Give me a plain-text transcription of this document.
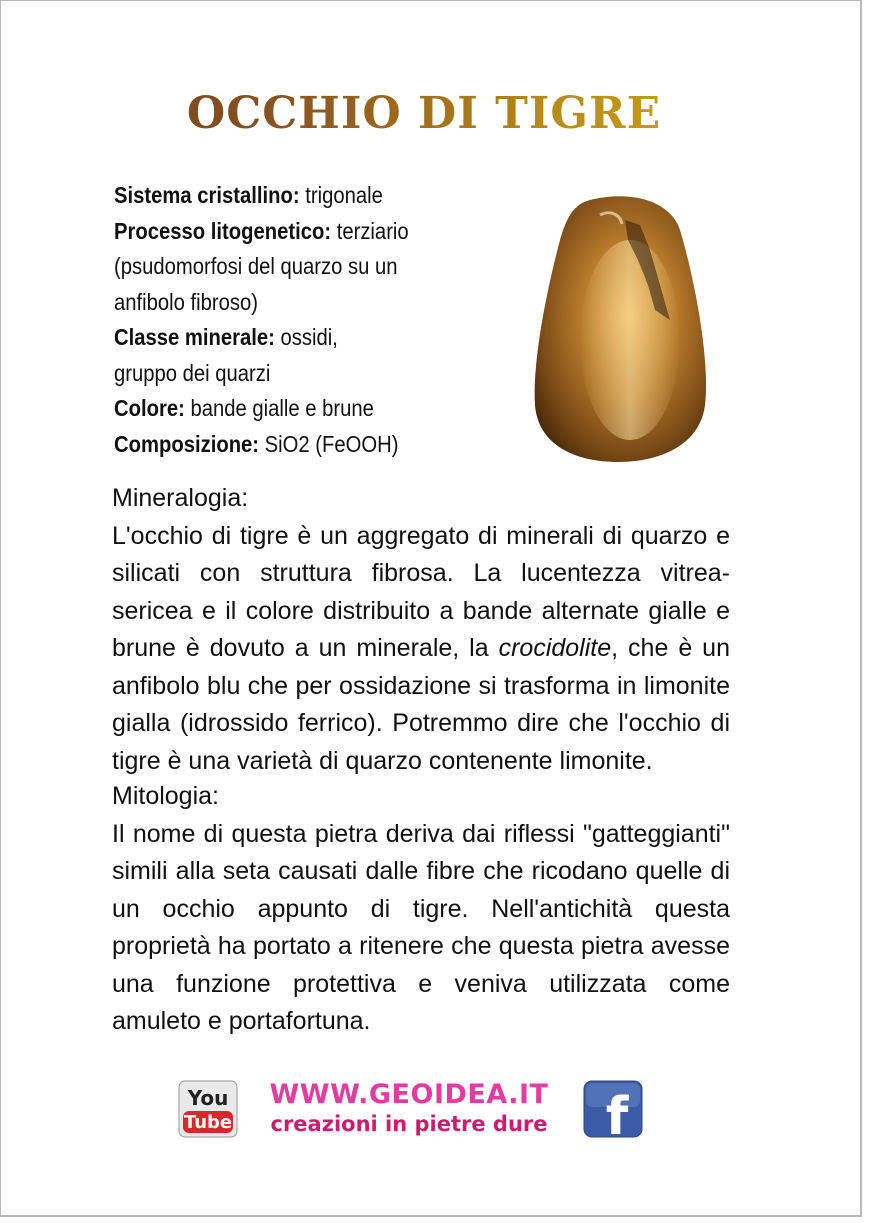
OCCHIO DI TIGRE
Sistema cristallino: trigonale
Processo litogenetico: terziario
(psudomorfosi del quarzo su un
anfibolo fibroso)
Classe minerale: ossidi,
gruppo dei quarzi
Colore: bande gialle e brune
Composizione: SiO2 (FeOOH)
Mineralogia:
L'occhio di tigre è un aggregato di minerali di quarzo e silicati con struttura fibrosa. La lucentezza vitrea-sericea e il colore distribuito a bande alternate gialle e brune è dovuto a un minerale, la crocidolite, che è un anfibolo blu che per ossidazione si trasforma in limonite gialla (idrossido ferrico). Potremmo dire che l'occhio di tigre è una varietà di quarzo contenente limonite.
Mitologia:
Il nome di questa pietra deriva dai riflessi "gatteggianti" simili alla seta causati dalle fibre che ricodano quelle di un occhio appunto di tigre. Nell'antichità questa proprietà ha portato a ritenere che questa pietra avesse una funzione protettiva e veniva utilizzata come amuleto e portafortuna.
You
Tube
WWW.GEOIDEA.IT
creazioni in pietre dure	f
